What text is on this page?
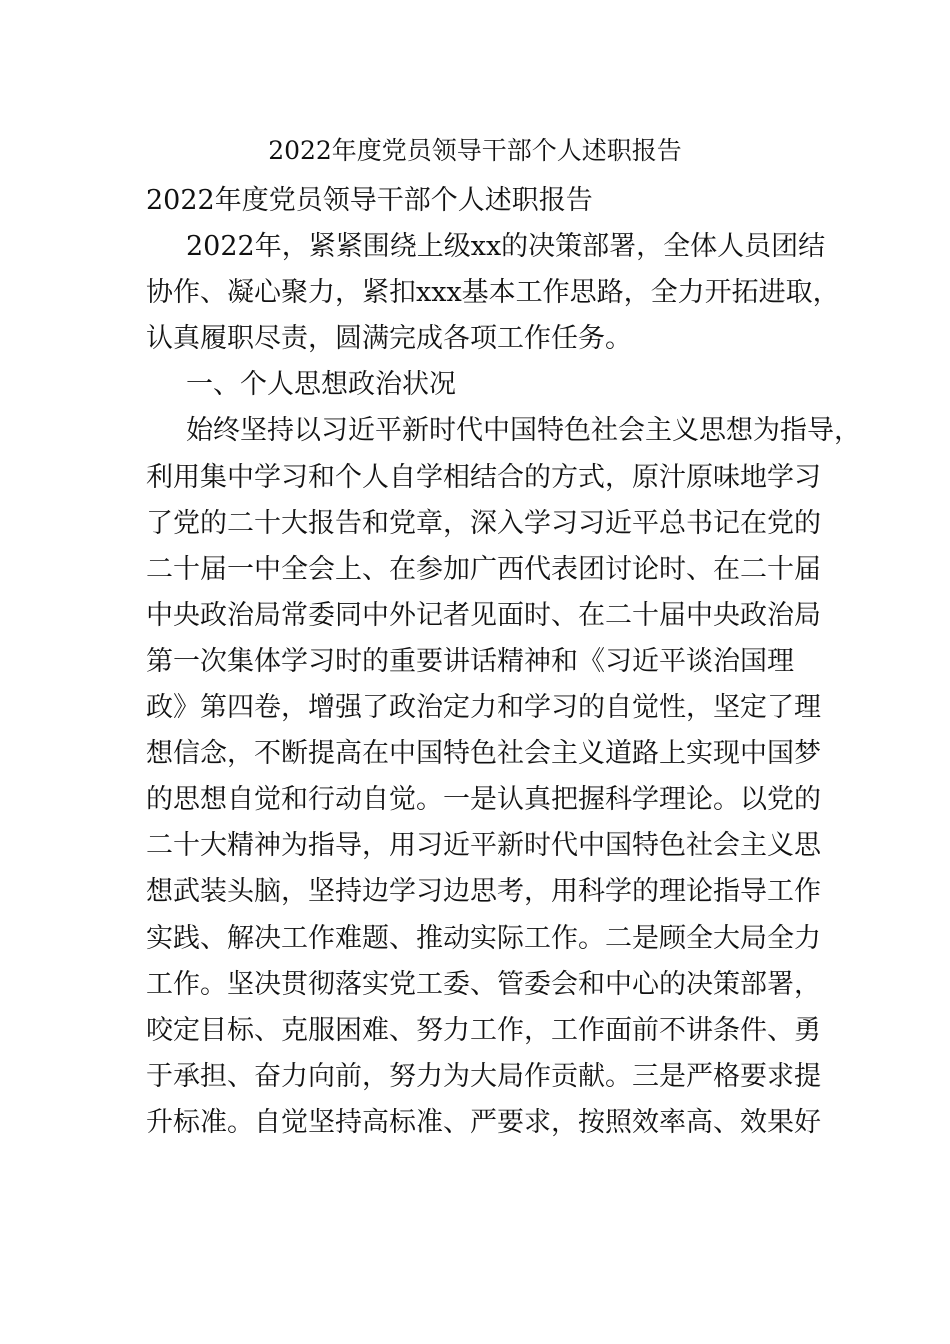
2022年度党员领导干部个人述职报告

2022年度党员领导干部个人述职报告

2022年，紧紧围绕上级xx的决策部署，全体人员团结

协作、凝心聚力，紧扣xxx基本工作思路，全力开拓进取，

认真履职尽责，圆满完成各项工作任务。

一、个人思想政治状况

始终坚持以习近平新时代中国特色社会主义思想为指导，

利用集中学习和个人自学相结合的方式，原汁原味地学习

了党的二十大报告和党章，深入学习习近平总书记在党的

二十届一中全会上、在参加广西代表团讨论时、在二十届

中央政治局常委同中外记者见面时、在二十届中央政治局

第一次集体学习时的重要讲话精神和《习近平谈治国理

政》第四卷，增强了政治定力和学习的自觉性，坚定了理

想信念，不断提高在中国特色社会主义道路上实现中国梦

的思想自觉和行动自觉。一是认真把握科学理论。以党的

二十大精神为指导，用习近平新时代中国特色社会主义思

想武装头脑，坚持边学习边思考，用科学的理论指导工作

实践、解决工作难题、推动实际工作。二是顾全大局全力

工作。坚决贯彻落实党工委、管委会和中心的决策部署，

咬定目标、克服困难、努力工作，工作面前不讲条件、勇

于承担、奋力向前，努力为大局作贡献。三是严格要求提

升标准。自觉坚持高标准、严要求，按照效率高、效果好
